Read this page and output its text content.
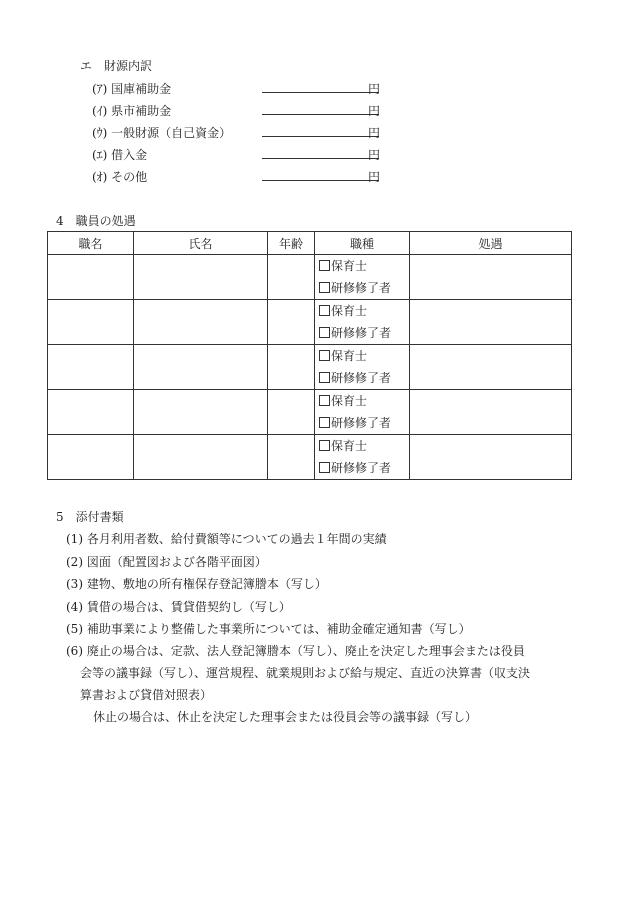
エ　財源内訳
(ｱ) 国庫補助金	円
(ｲ) 県市補助金	円
(ｳ) 一般財源（自己資金）	円
(ｴ) 借入金	円
(ｵ) その他	円
4　職員の処遇
職名	氏名	年齢	職種	処遇

			保育士
研修修了者	

			保育士
研修修了者	

			保育士
研修修了者	

			保育士
研修修了者	

			保育士
研修修了者	

5　添付書類
(1) 各月利用者数、給付費額等についての過去１年間の実績
(2) 図面（配置図および各階平面図）
(3) 建物、敷地の所有権保存登記簿謄本（写し）
(4) 賃借の場合は、賃貸借契約し（写し）
(5) 補助事業により整備した事業所については、補助金確定通知書（写し）
(6) 廃止の場合は、定款、法人登記簿謄本（写し）、廃止を決定した理事会または役員
会等の議事録（写し）、運営規程、就業規則および給与規定、直近の決算書（収支決
算書および貸借対照表）
休止の場合は、休止を決定した理事会または役員会等の議事録（写し）
